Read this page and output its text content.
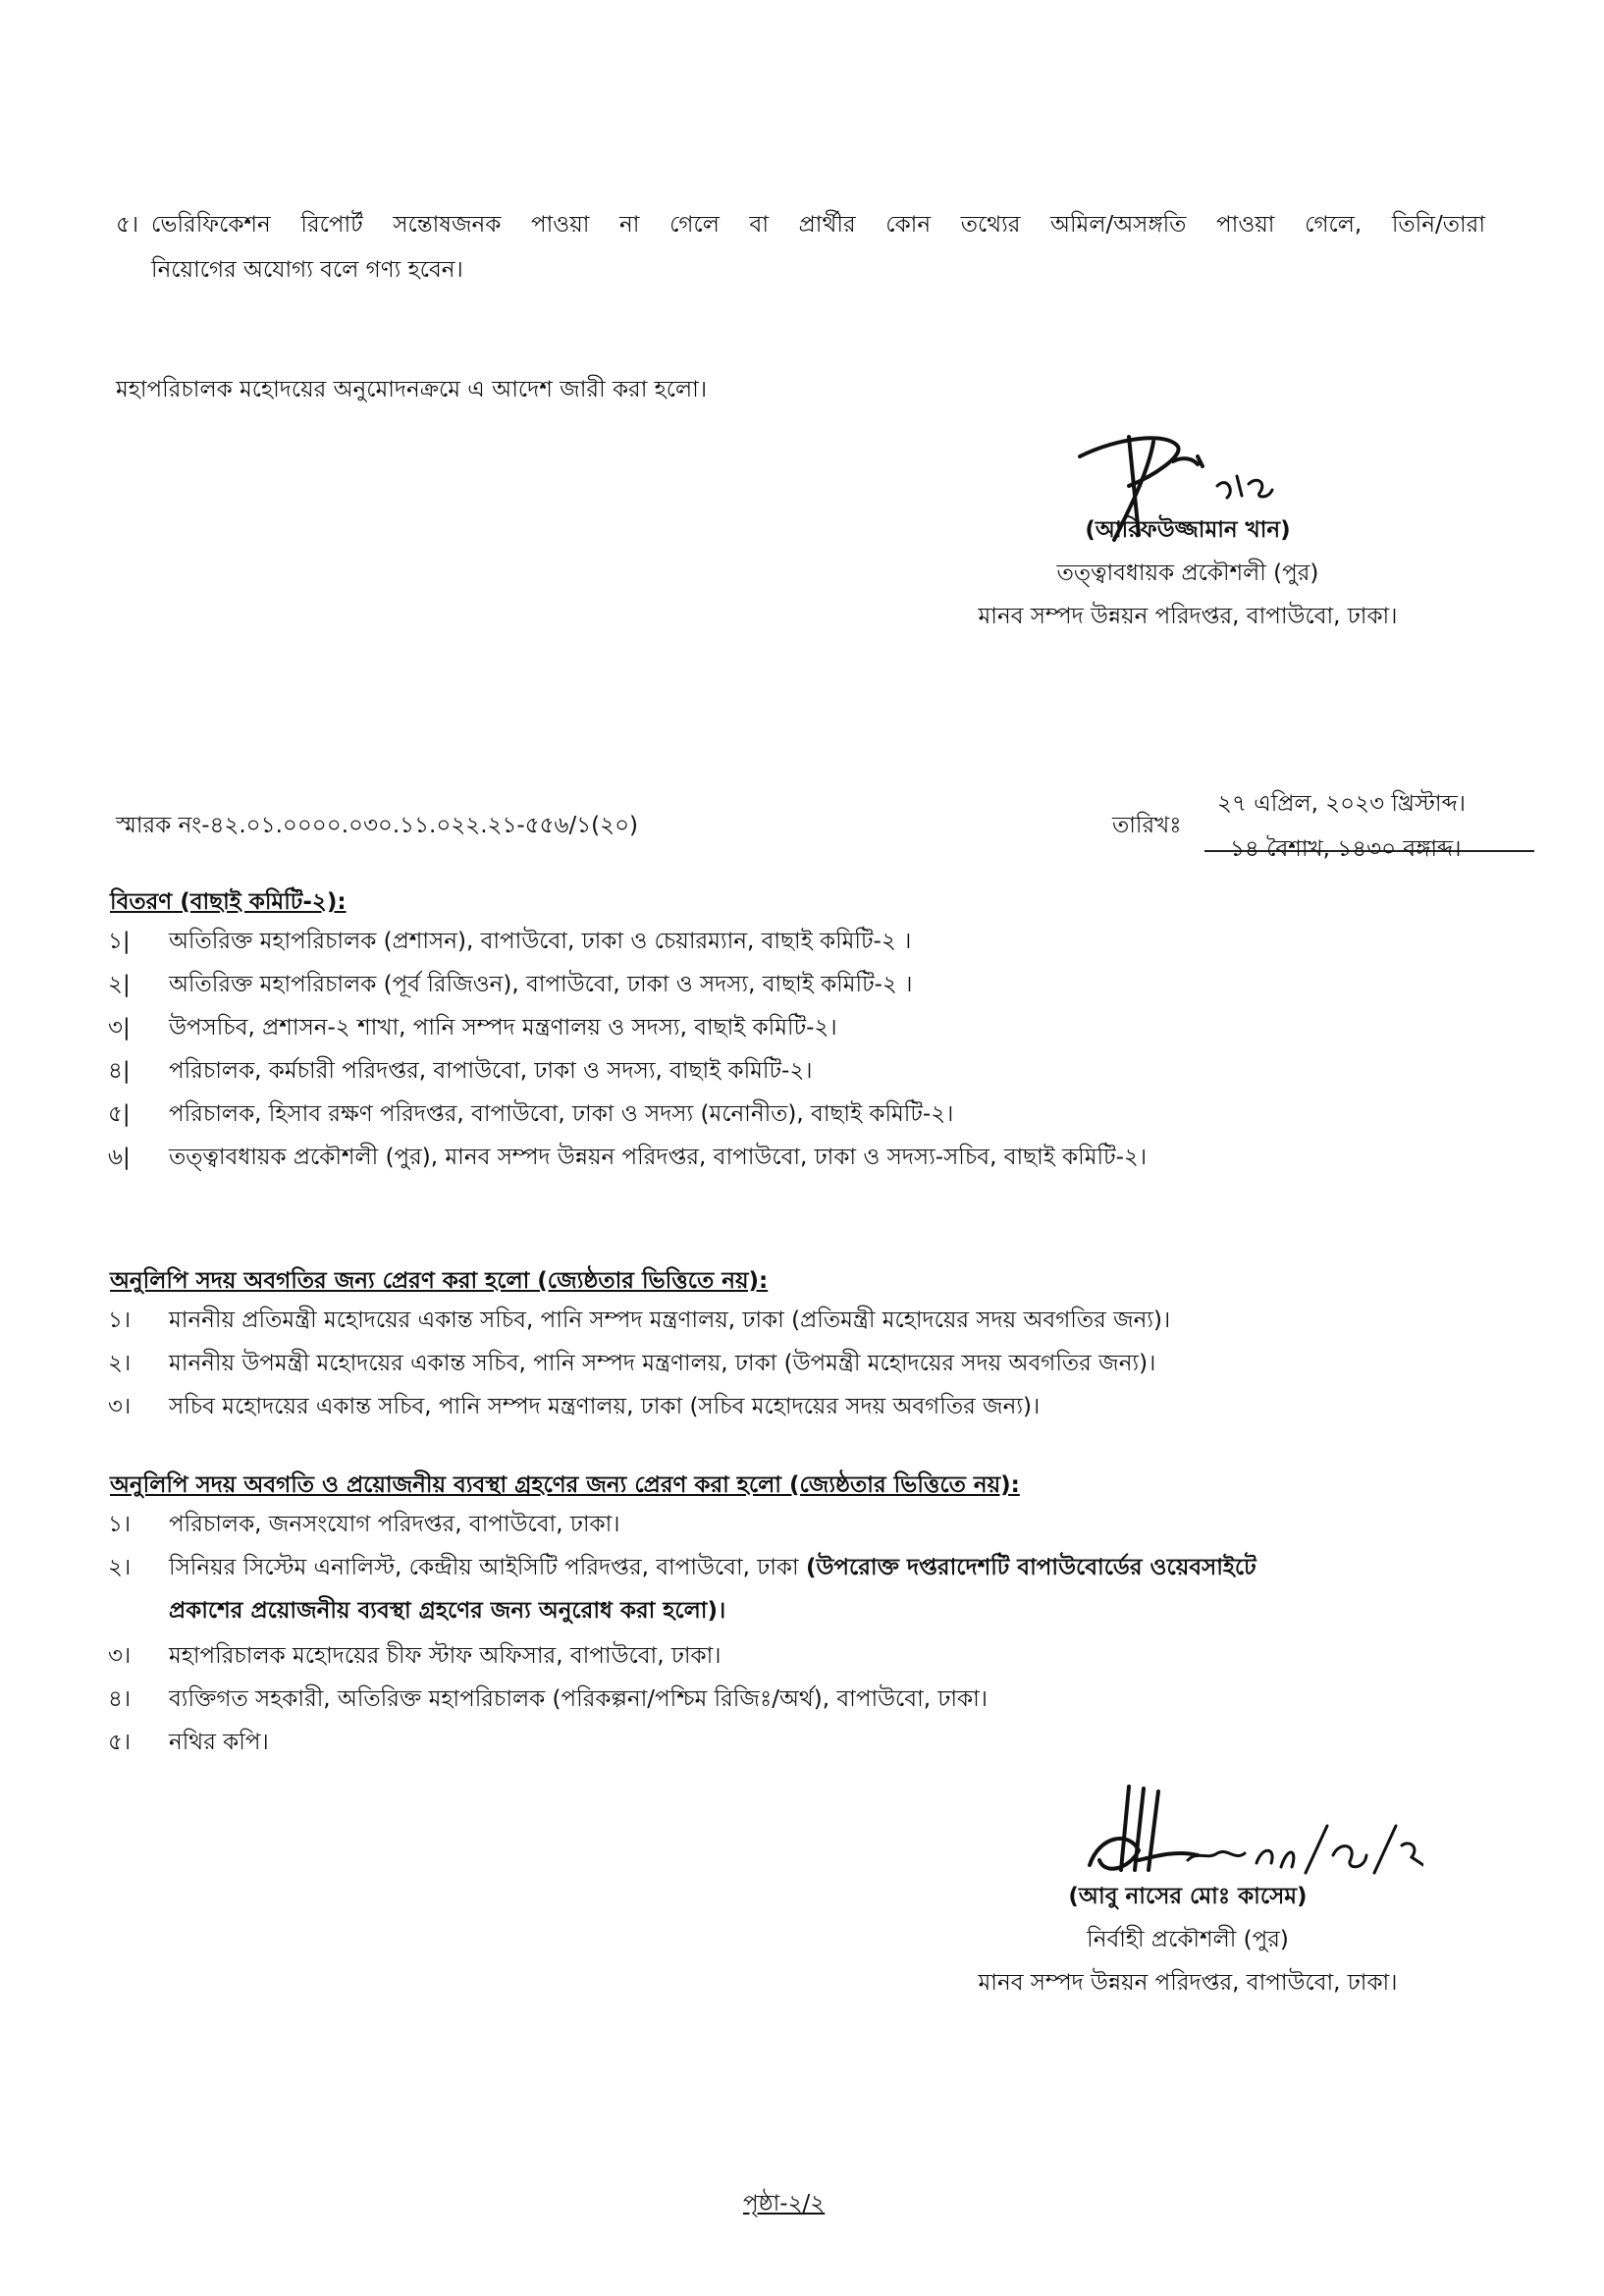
৫। ভেরিফিকেশন রিপোর্ট সন্তোষজনক পাওয়া না গেলে বা প্রার্থীর কোন তথ্যের অমিল/অসঙ্গতি পাওয়া গেলে, তিনি/তারা
নিয়োগের অযোগ্য বলে গণ্য হবেন।
মহাপরিচালক মহোদয়ের অনুমোদনক্রমে এ আদেশ জারী করা হলো।
(আরিফউজ্জামান খান)
তত্ত্বাবধায়ক প্রকৌশলী (পুর)
মানব সম্পদ উন্নয়ন পরিদপ্তর, বাপাউবো, ঢাকা।
স্মারক নং-৪২.০১.০০০০.০৩০.১১.০২২.২১-৫৫৬/১(২০)	তারিখঃ
২৭ এপ্রিল, ২০২৩ খ্রিস্টাব্দ।
১৪ বৈশাখ, ১৪৩০ বঙ্গাব্দ।
বিতরণ (বাছাই কমিটি-২):
১|	অতিরিক্ত মহাপরিচালক (প্রশাসন), বাপাউবো, ঢাকা ও চেয়ারম্যান, বাছাই কমিটি-২ ।
২|	অতিরিক্ত মহাপরিচালক (পূর্ব রিজিওন), বাপাউবো, ঢাকা ও সদস্য, বাছাই কমিটি-২ ।
৩|	উপসচিব, প্রশাসন-২ শাখা, পানি সম্পদ মন্ত্রণালয় ও সদস্য, বাছাই কমিটি-২।
৪|	পরিচালক, কর্মচারী পরিদপ্তর, বাপাউবো, ঢাকা ও সদস্য, বাছাই কমিটি-২।
৫|	পরিচালক, হিসাব রক্ষণ পরিদপ্তর, বাপাউবো, ঢাকা ও সদস্য (মনোনীত), বাছাই কমিটি-২।
৬|	তত্ত্বাবধায়ক প্রকৌশলী (পুর), মানব সম্পদ উন্নয়ন পরিদপ্তর, বাপাউবো, ঢাকা ও সদস্য-সচিব, বাছাই কমিটি-২।
অনুলিপি সদয় অবগতির জন্য প্রেরণ করা হলো (জ্যেষ্ঠতার ভিত্তিতে নয়):
১।	মাননীয় প্রতিমন্ত্রী মহোদয়ের একান্ত সচিব, পানি সম্পদ মন্ত্রণালয়, ঢাকা (প্রতিমন্ত্রী মহোদয়ের সদয় অবগতির জন্য)।
২।	মাননীয় উপমন্ত্রী মহোদয়ের একান্ত সচিব, পানি সম্পদ মন্ত্রণালয়, ঢাকা (উপমন্ত্রী মহোদয়ের সদয় অবগতির জন্য)।
৩।	সচিব মহোদয়ের একান্ত সচিব, পানি সম্পদ মন্ত্রণালয়, ঢাকা (সচিব মহোদয়ের সদয় অবগতির জন্য)।
অনুলিপি সদয় অবগতি ও প্রয়োজনীয় ব্যবস্থা গ্রহণের জন্য প্রেরণ করা হলো (জ্যেষ্ঠতার ভিত্তিতে নয়):
১।	পরিচালক, জনসংযোগ পরিদপ্তর, বাপাউবো, ঢাকা।
২।	সিনিয়র সিস্টেম এনালিস্ট, কেন্দ্রীয় আইসিটি পরিদপ্তর, বাপাউবো, ঢাকা (উপরোক্ত দপ্তরাদেশটি বাপাউবোর্ডের ওয়েবসাইটে
প্রকাশের প্রয়োজনীয় ব্যবস্থা গ্রহণের জন্য অনুরোধ করা হলো)।
৩।	মহাপরিচালক মহোদয়ের চীফ স্টাফ অফিসার, বাপাউবো, ঢাকা।
৪।	ব্যক্তিগত সহকারী, অতিরিক্ত মহাপরিচালক (পরিকল্পনা/পশ্চিম রিজিঃ/অর্থ), বাপাউবো, ঢাকা।
৫।	নথির কপি।
(আবু নাসের মোঃ কাসেম)
নির্বাহী প্রকৌশলী (পুর)
মানব সম্পদ উন্নয়ন পরিদপ্তর, বাপাউবো, ঢাকা।
পৃষ্ঠা-২/২
